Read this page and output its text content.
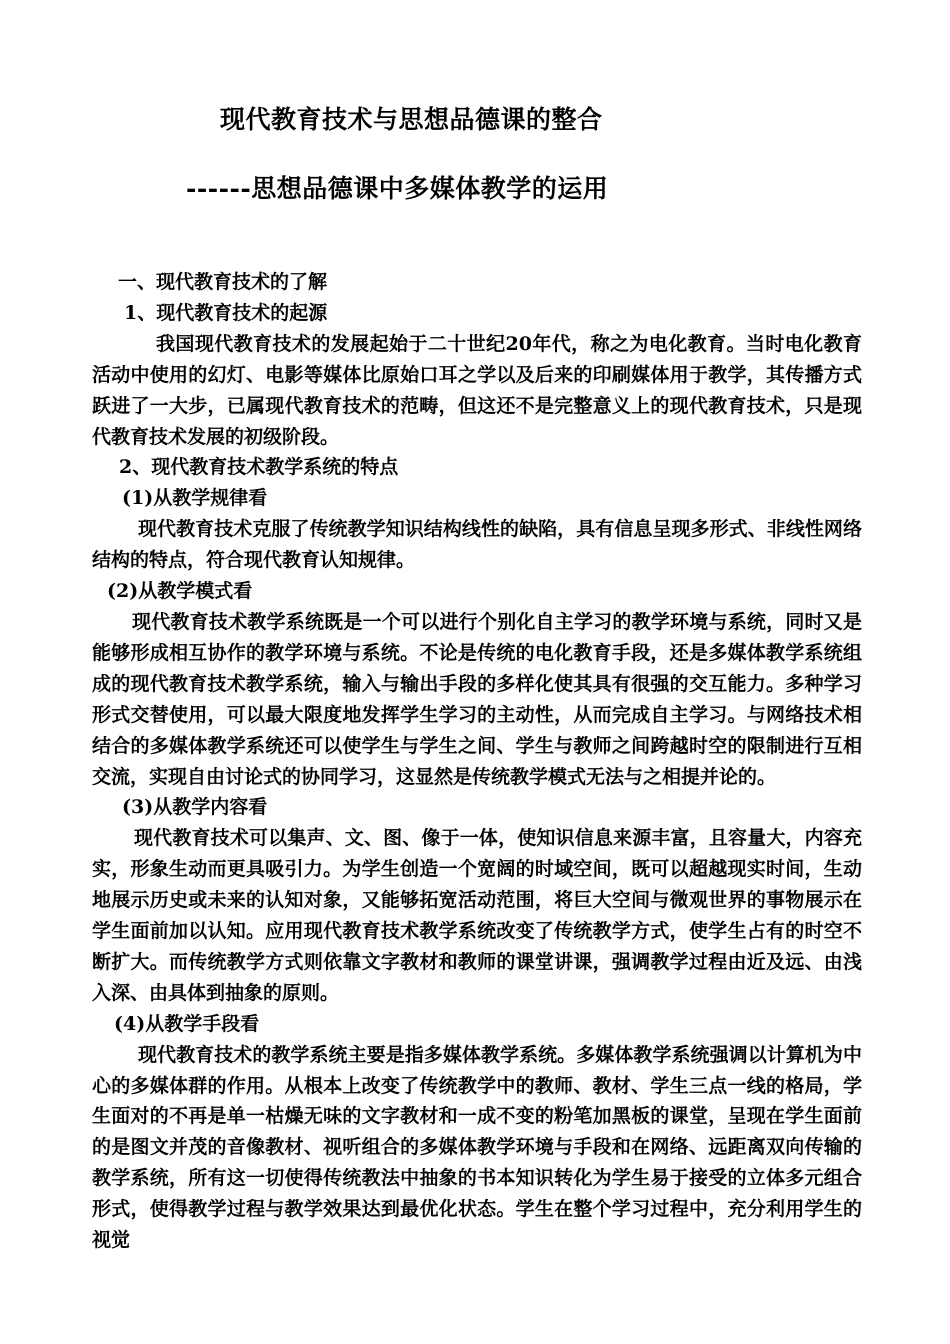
现代教育技术与思想品德课的整合
------思想品德课中多媒体教学的运用
一、现代教育技术的了解
1、现代教育技术的起源

我国现代教育技术的发展起始于二十世纪20年代，称之为电化教育。当时电化教育活动中使用的幻灯、电影等媒体比原始口耳之学以及后来的印刷媒体用于教学，其传播方式跃进了一大步，已属现代教育技术的范畴，但这还不是完整意义上的现代教育技术，只是现代教育技术发展的初级阶段。

2、现代教育技术教学系统的特点
(1)从教学规律看

现代教育技术克服了传统教学知识结构线性的缺陷，具有信息呈现多形式、非线性网络结构的特点，符合现代教育认知规律。

(2)从教学模式看

现代教育技术教学系统既是一个可以进行个别化自主学习的教学环境与系统，同时又是能够形成相互协作的教学环境与系统。不论是传统的电化教育手段，还是多媒体教学系统组成的现代教育技术教学系统，输入与输出手段的多样化使其具有很强的交互能力。多种学习形式交替使用，可以最大限度地发挥学生学习的主动性，从而完成自主学习。与网络技术相结合的多媒体教学系统还可以使学生与学生之间、学生与教师之间跨越时空的限制进行互相交流，实现自由讨论式的协同学习，这显然是传统教学模式无法与之相提并论的。

(3)从教学内容看

现代教育技术可以集声、文、图、像于一体，使知识信息来源丰富，且容量大，内容充实，形象生动而更具吸引力。为学生创造一个宽阔的时域空间，既可以超越现实时间，生动地展示历史或未来的认知对象，又能够拓宽活动范围，将巨大空间与微观世界的事物展示在学生面前加以认知。应用现代教育技术教学系统改变了传统教学方式，使学生占有的时空不断扩大。而传统教学方式则依靠文字教材和教师的课堂讲课，强调教学过程由近及远、由浅入深、由具体到抽象的原则。

(4)从教学手段看

现代教育技术的教学系统主要是指多媒体教学系统。多媒体教学系统强调以计算机为中心的多媒体群的作用。从根本上改变了传统教学中的教师、教材、学生三点一线的格局，学生面对的不再是单一枯燥无味的文字教材和一成不变的粉笔加黑板的课堂，呈现在学生面前的是图文并茂的音像教材、视听组合的多媒体教学环境与手段和在网络、远距离双向传输的教学系统，所有这一切使得传统教法中抽象的书本知识转化为学生易于接受的立体多元组合形式，使得教学过程与教学效果达到最优化状态。学生在整个学习过程中，充分利用学生的视觉
